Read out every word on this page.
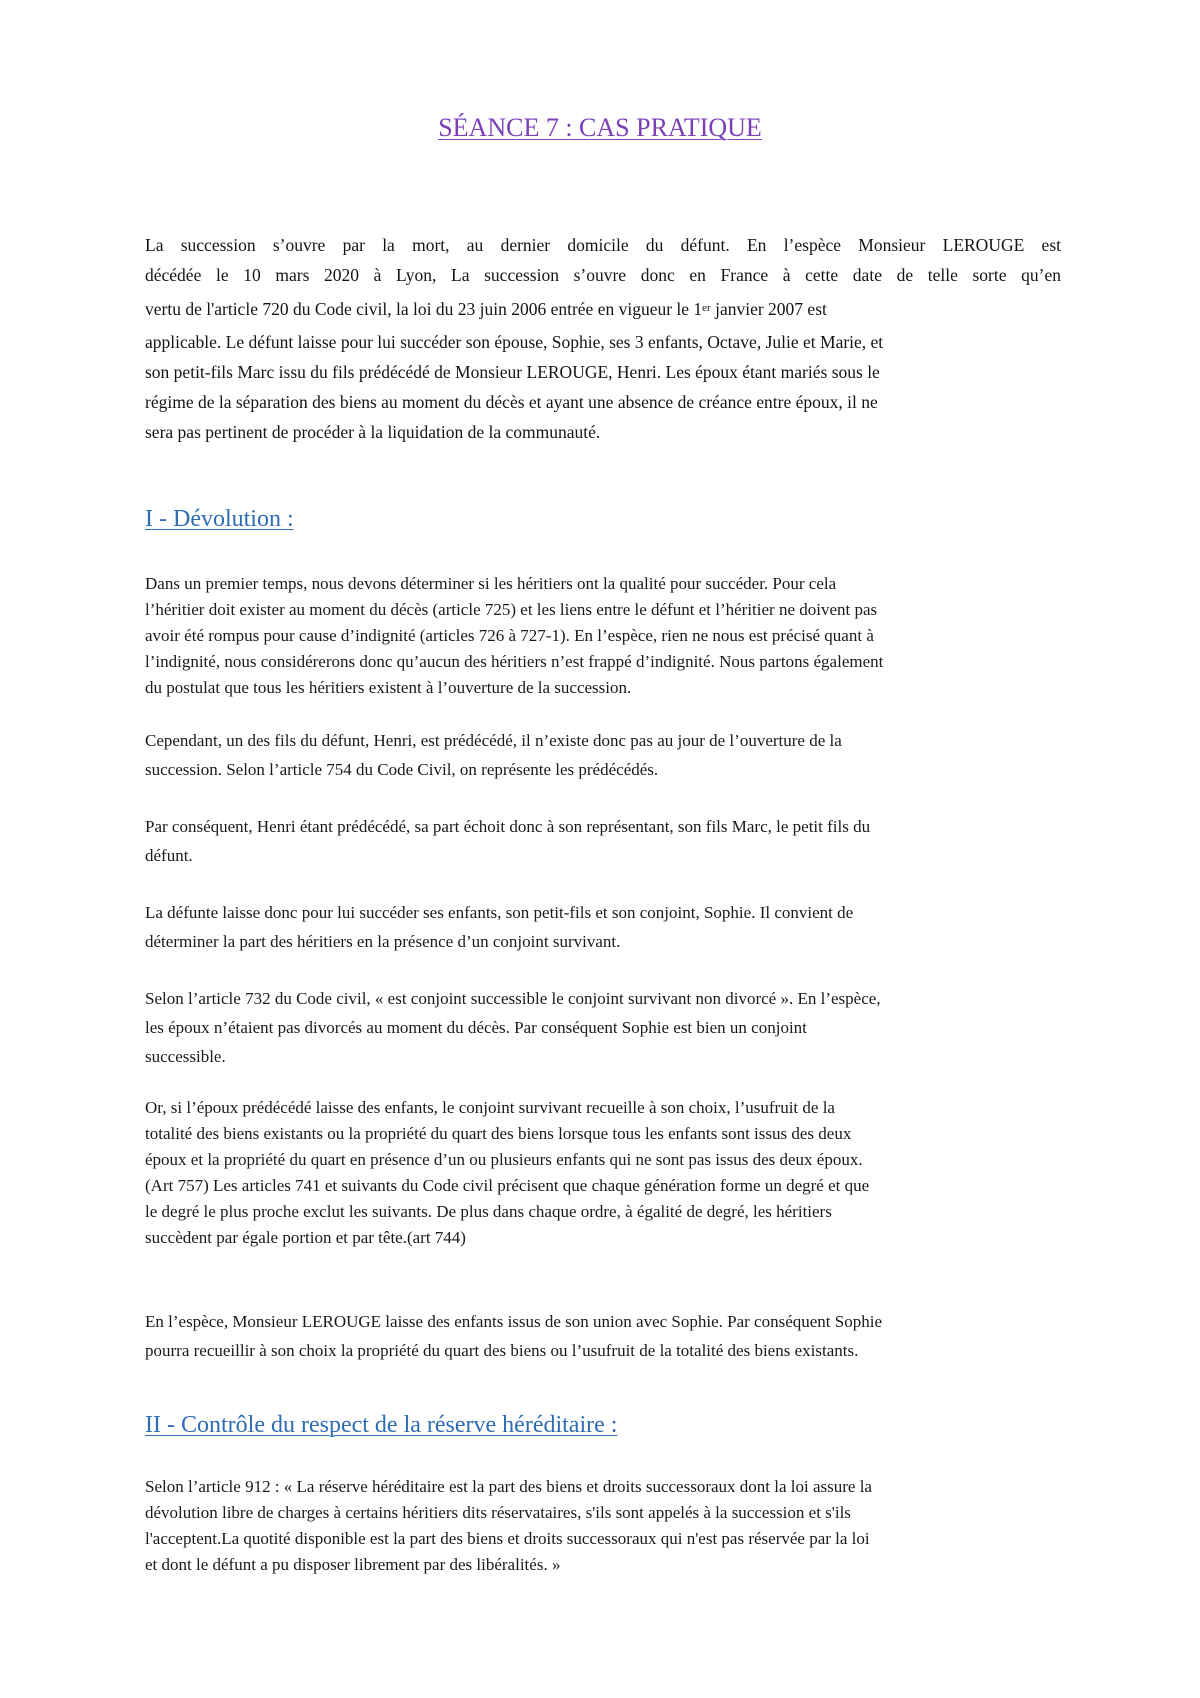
SÉANCE 7 : CAS PRATIQUE

La succession s’ouvre par la mort, au dernier domicile du défunt. En l’espèce Monsieur LEROUGE est
décédée le 10 mars 2020 à Lyon, La succession s’ouvre donc en France à cette date de telle sorte qu’en
vertu de l'article 720 du Code civil, la loi du 23 juin 2006 entrée en vigueur le 1er janvier 2007 est
applicable. Le défunt laisse pour lui succéder son épouse, Sophie, ses 3 enfants, Octave, Julie et Marie, et
son petit-fils Marc issu du fils prédécédé de Monsieur LEROUGE, Henri. Les époux étant mariés sous le
régime de la séparation des biens au moment du décès et ayant une absence de créance entre époux, il ne
sera pas pertinent de procéder à la liquidation de la communauté.

I - Dévolution :

Dans un premier temps, nous devons déterminer si les héritiers ont la qualité pour succéder. Pour cela
l’héritier doit exister au moment du décès (article 725) et les liens entre le défunt et l’héritier ne doivent pas
avoir été rompus pour cause d’indignité (articles 726 à 727-1). En l’espèce, rien ne nous est précisé quant à
l’indignité, nous considérerons donc qu’aucun des héritiers n’est frappé d’indignité. Nous partons également
du postulat que tous les héritiers existent à l’ouverture de la succession.

Cependant, un des fils du défunt, Henri, est prédécédé, il n’existe donc pas au jour de l’ouverture de la
succession. Selon l’article 754 du Code Civil, on représente les prédécédés.

Par conséquent, Henri étant prédécédé, sa part échoit donc à son représentant, son fils Marc, le petit fils du
défunt.

La défunte laisse donc pour lui succéder ses enfants, son petit-fils et son conjoint, Sophie. Il convient de
déterminer la part des héritiers en la présence d’un conjoint survivant.

Selon l’article 732 du Code civil, « est conjoint successible le conjoint survivant non divorcé ». En l’espèce,
les époux n’étaient pas divorcés au moment du décès. Par conséquent Sophie est bien un conjoint
successible.

Or, si l’époux prédécédé laisse des enfants, le conjoint survivant recueille à son choix, l’usufruit de la
totalité des biens existants ou la propriété du quart des biens lorsque tous les enfants sont issus des deux
époux et la propriété du quart en présence d’un ou plusieurs enfants qui ne sont pas issus des deux époux.
(Art 757) Les articles 741 et suivants du Code civil précisent que chaque génération forme un degré et que
le degré le plus proche exclut les suivants. De plus dans chaque ordre, à égalité de degré, les héritiers
succèdent par égale portion et par tête.(art 744)

En l’espèce, Monsieur LEROUGE laisse des enfants issus de son union avec Sophie. Par conséquent Sophie
pourra recueillir à son choix la propriété du quart des biens ou l’usufruit de la totalité des biens existants.

II - Contrôle du respect de la réserve héréditaire :

Selon l’article 912 : « La réserve héréditaire est la part des biens et droits successoraux dont la loi assure la
dévolution libre de charges à certains héritiers dits réservataires, s'ils sont appelés à la succession et s'ils
l'acceptent.La quotité disponible est la part des biens et droits successoraux qui n'est pas réservée par la loi
et dont le défunt a pu disposer librement par des libéralités. »
